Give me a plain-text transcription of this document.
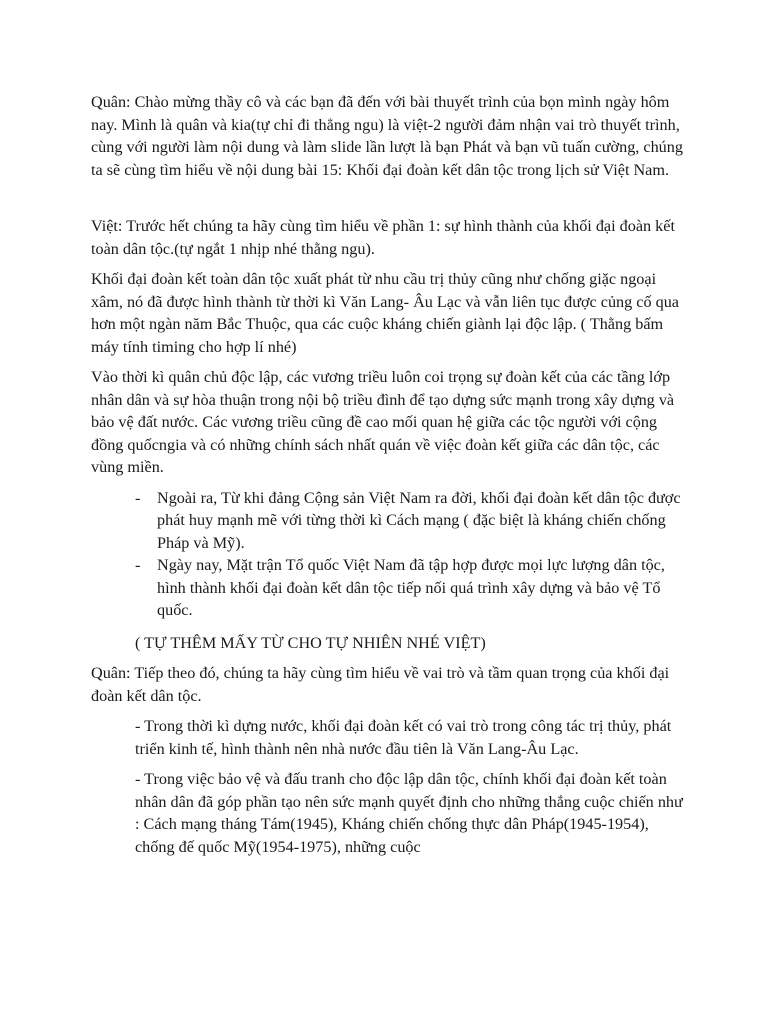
Quân: Chào mừng thầy cô và các bạn đã đến với bài thuyết trình của bọn mình ngày hôm nay. Mình là quân và kia(tự chỉ đi thẳng ngu) là việt-2 người đảm nhận vai trò thuyết trình, cùng với người làm nội dung và làm slide lần lượt là bạn Phát và bạn vũ tuấn cường, chúng ta sẽ cùng tìm hiểu về nội dung bài 15: Khối đại đoàn kết dân tộc trong lịch sử Việt Nam.

Việt: Trước hết chúng ta hãy cùng tìm hiểu về phần 1: sự hình thành của khối đại đoàn kết toàn dân tộc.(tự ngắt 1 nhịp nhé thằng ngu).

Khối đại đoàn kết toàn dân tộc xuất phát từ nhu cầu trị thủy cũng như chống giặc ngoại xâm, nó đã được hình thành từ thời kì Văn Lang- Âu Lạc và vẫn liên tục được củng cố qua hơn một ngàn năm Bắc Thuộc, qua các cuộc kháng chiến giành lại độc lập. ( Thằng bấm máy tính timing cho hợp lí nhé)

Vào thời kì quân chủ độc lập, các vương triều luôn coi trọng sự đoàn kết của các tầng lớp nhân dân và sự hòa thuận trong nội bộ triều đình để tạo dựng sức mạnh trong xây dựng và bảo vệ đất nước. Các vương triều cũng đề cao mối quan hệ giữa các tộc người với cộng đồng quốcngia và có những chính sách nhất quán về việc đoàn kết giữa các dân tộc, các vùng miền.

- Ngoài ra, Từ khi đảng Cộng sản Việt Nam ra đời, khối đại đoàn kết dân tộc được phát huy mạnh mẽ với từng thời kì Cách mạng ( đặc biệt là kháng chiến chống Pháp và Mỹ).
- Ngày nay, Mặt trận Tổ quốc Việt Nam đã tập hợp được mọi lực lượng dân tộc, hình thành khối đại đoàn kết dân tộc tiếp nối quá trình xây dựng và bảo vệ Tổ quốc.

( TỰ THÊM MẤY TỪ CHO TỰ NHIÊN NHÉ VIỆT)

Quân: Tiếp theo đó, chúng ta hãy cùng tìm hiểu về vai trò và tầm quan trọng của khối đại đoàn kết dân tộc.

- Trong thời kì dựng nước, khối đại đoàn kết có vai trò trong công tác trị thủy, phát triển kinh tế, hình thành nên nhà nước đầu tiên là Văn Lang-Âu Lạc.

- Trong việc bảo vệ và đấu tranh cho độc lập dân tộc, chính khối đại đoàn kết toàn nhân dân đã góp phần tạo nên sức mạnh quyết định cho những thắng cuộc chiến như : Cách mạng tháng Tám(1945), Kháng chiến chống thực dân Pháp(1945-1954), chống đế quốc Mỹ(1954-1975), những cuộc
